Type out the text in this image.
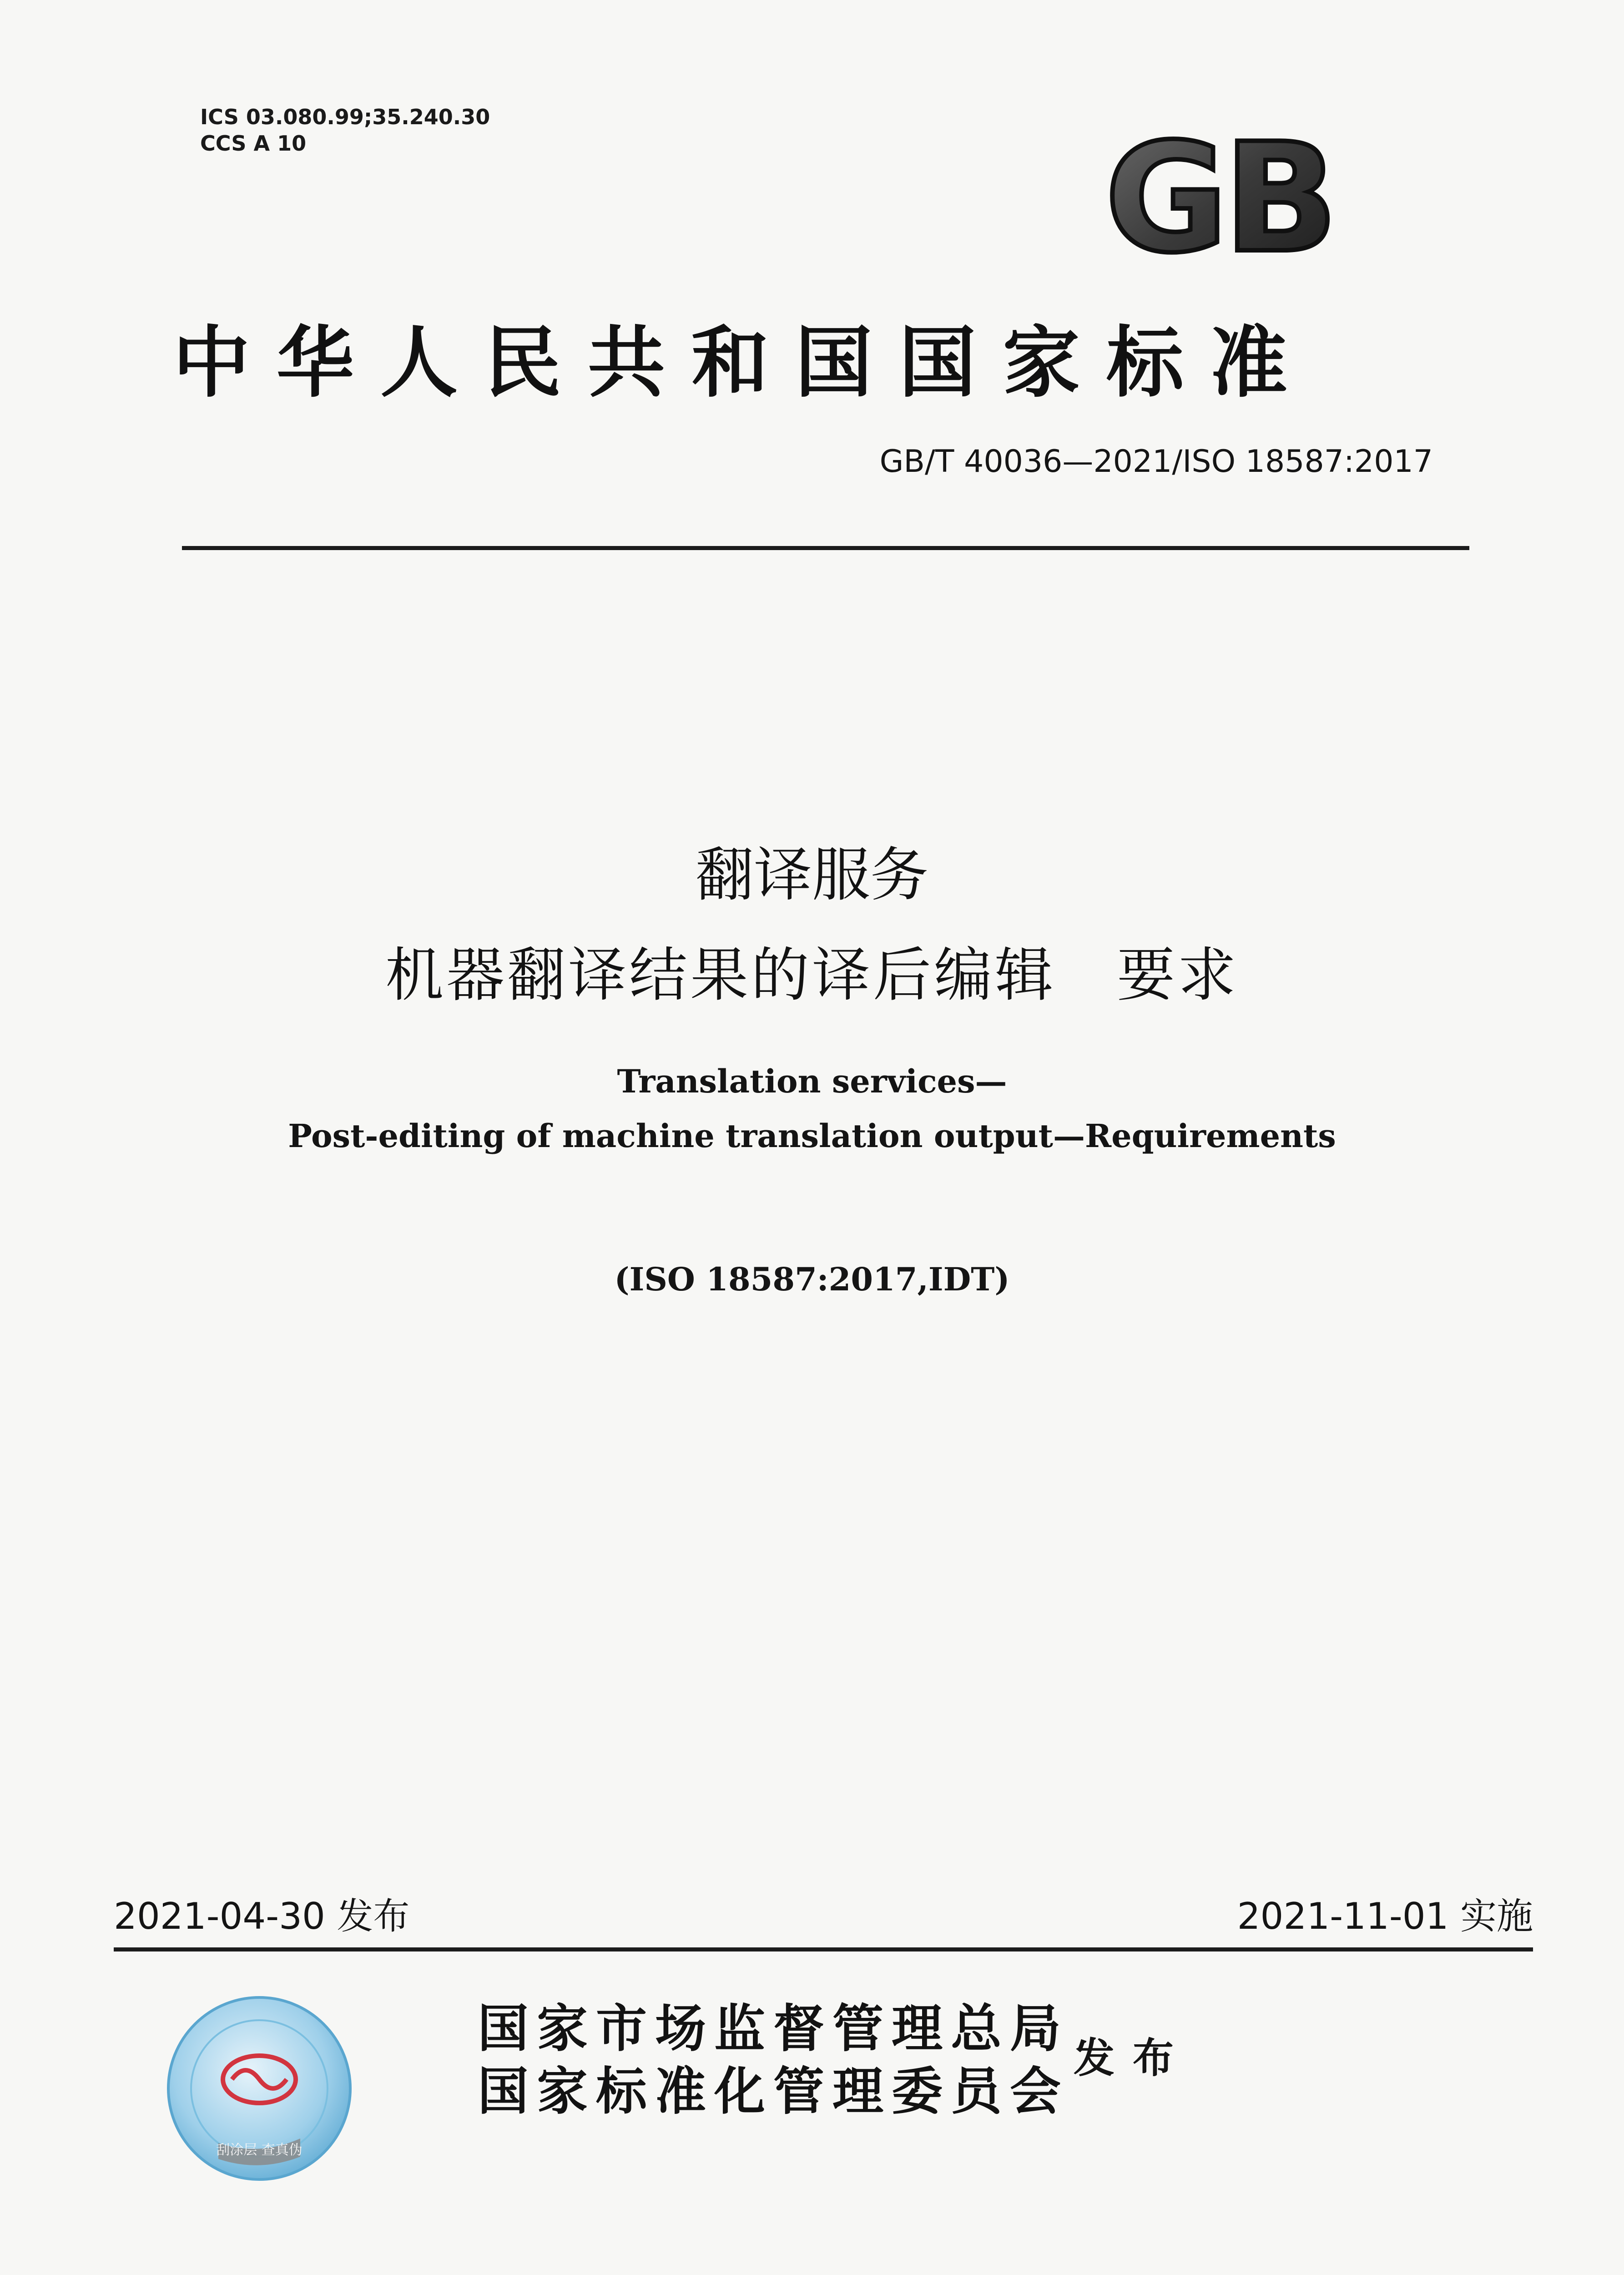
ICS 03.080.99;35.240.30
CCS A 10	GB
中华人民共和国国家标准
GB/T 40036—2021/ISO 18587:2017
翻译服务
机器翻译结果的译后编辑　要求
Translation services—
Post-editing of machine translation output—Requirements
(ISO 18587:2017,IDT)
2021-04-30 发布	2021-11-01 实施
刮涂层 查真伪
国家市场监督管理总局
国家标准化管理委员会
发布
